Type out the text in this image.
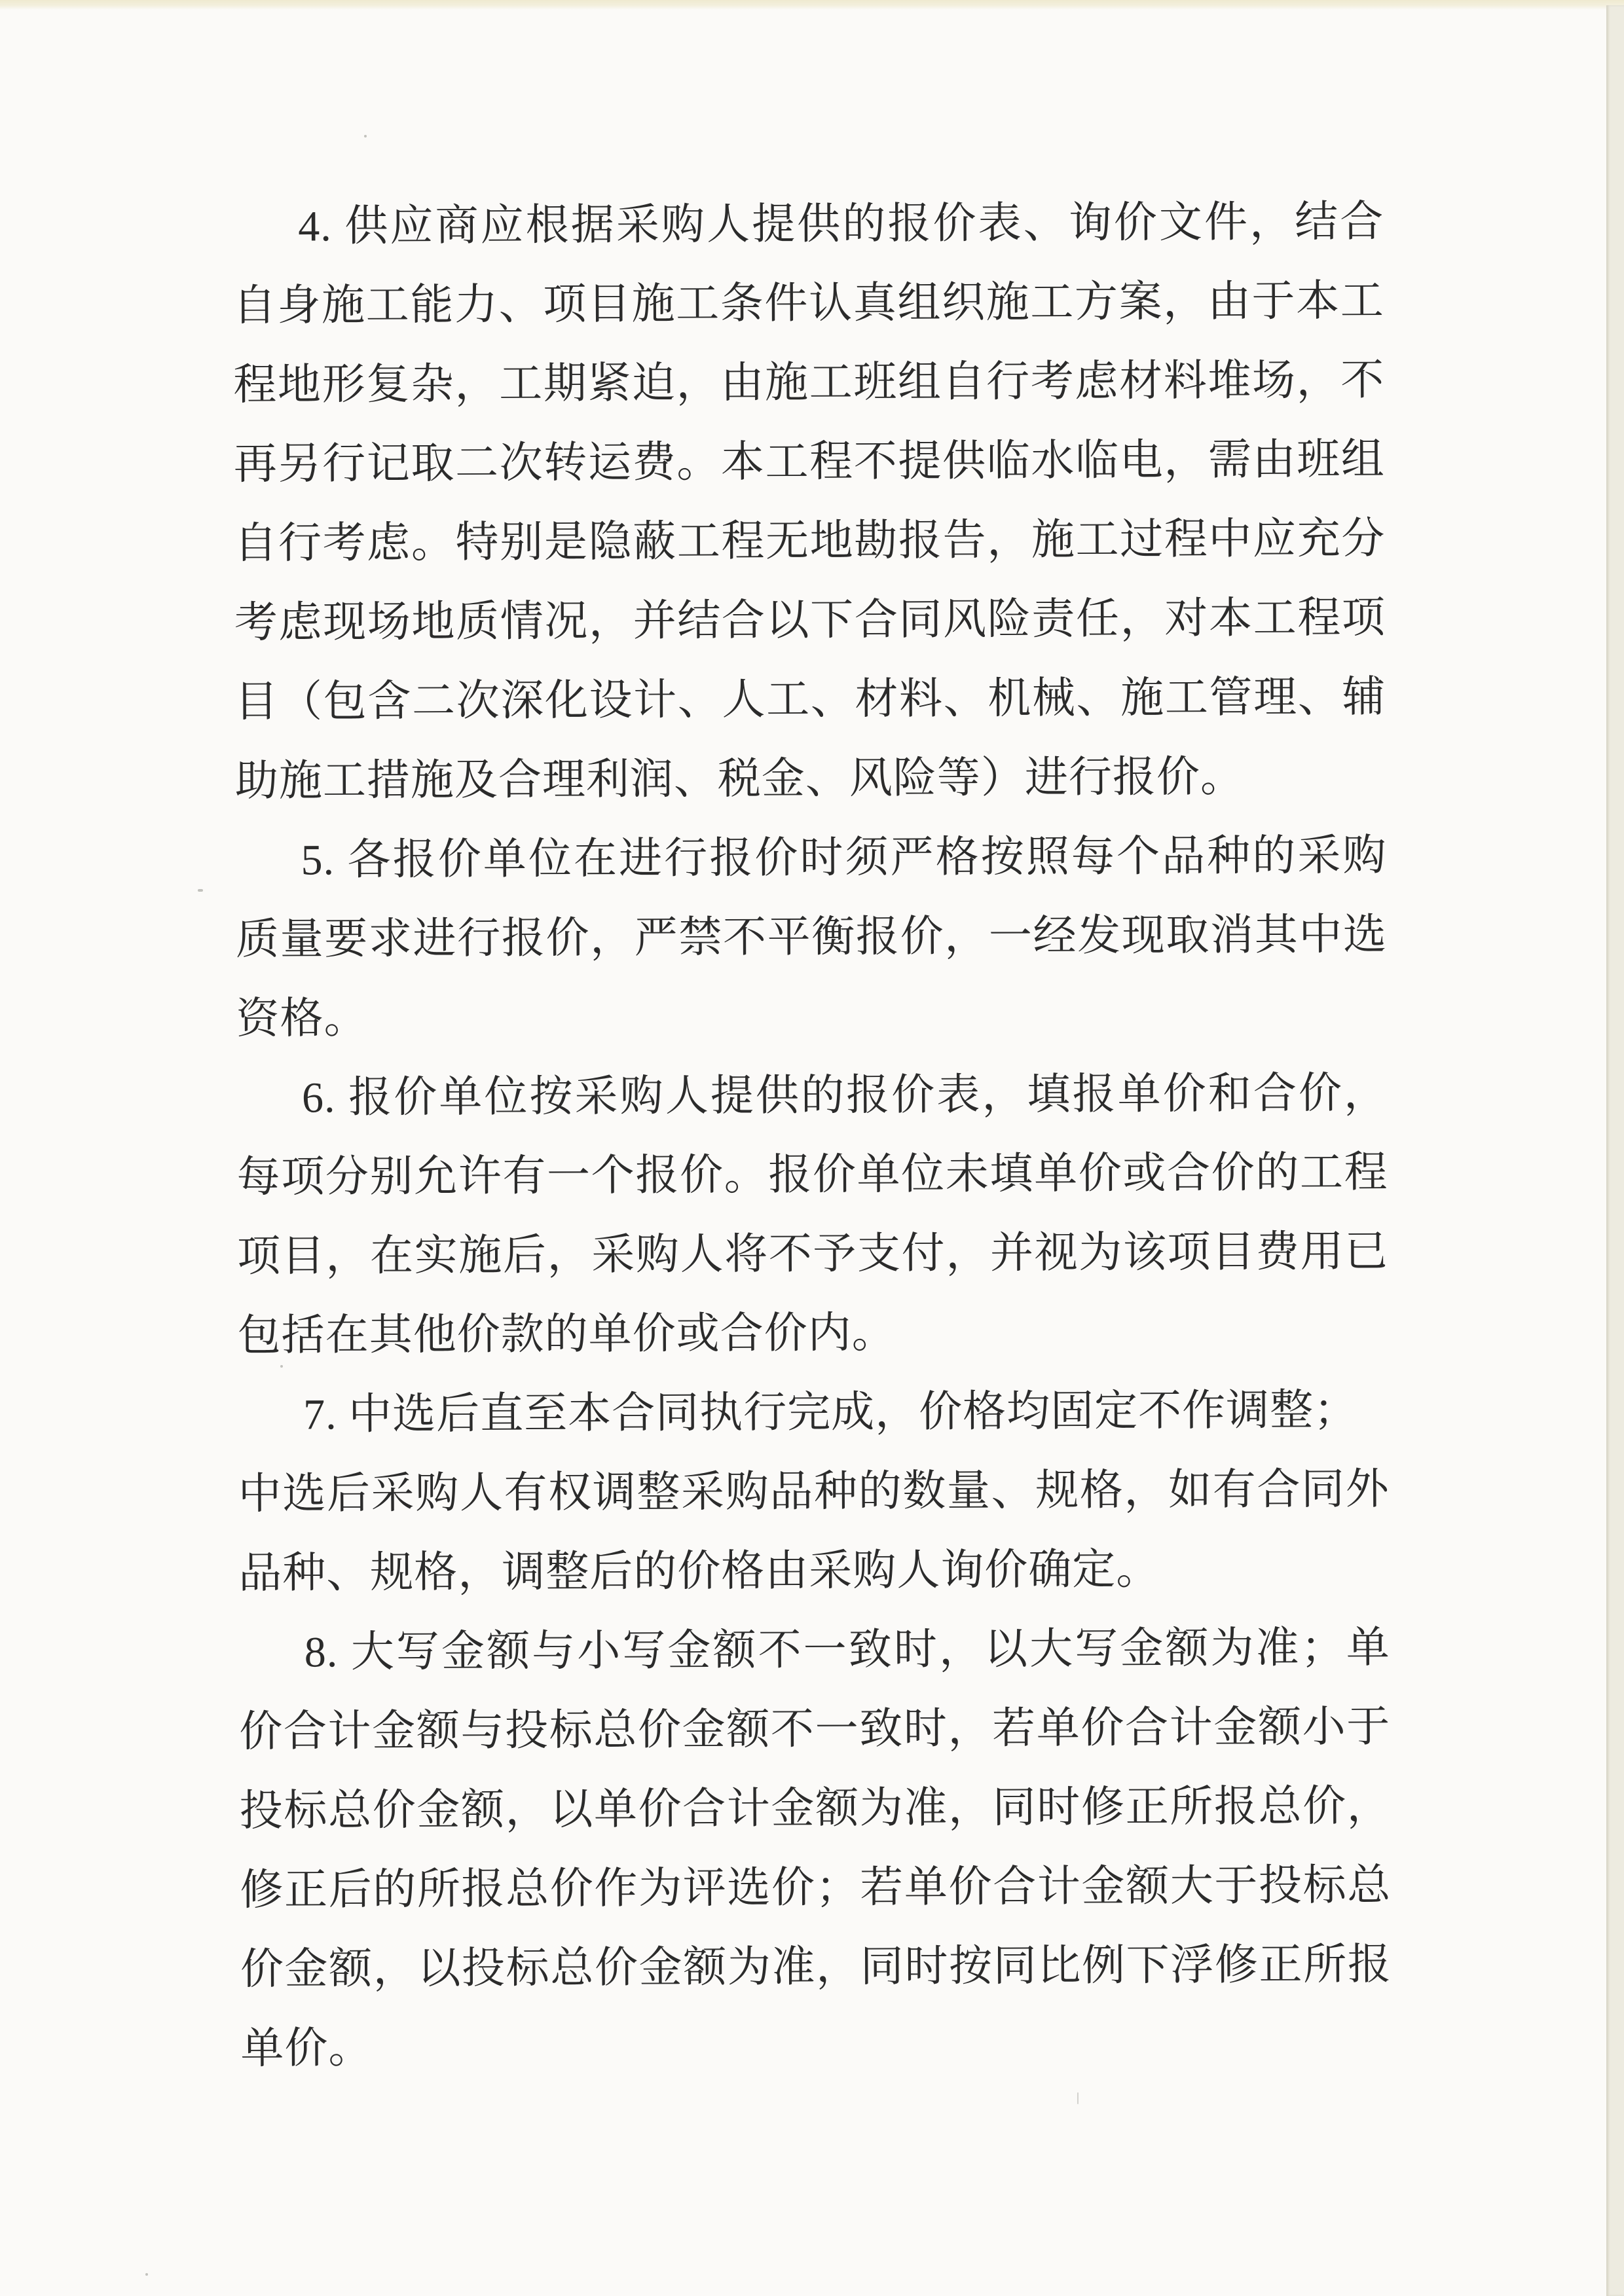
4. 供应商应根据采购人提供的报价表、询价文件，结合
自身施工能力、项目施工条件认真组织施工方案，由于本工
程地形复杂，工期紧迫，由施工班组自行考虑材料堆场，不
再另行记取二次转运费。本工程不提供临水临电，需由班组
自行考虑。特别是隐蔽工程无地勘报告，施工过程中应充分
考虑现场地质情况，并结合以下合同风险责任，对本工程项
目（包含二次深化设计、人工、材料、机械、施工管理、辅
助施工措施及合理利润、税金、风险等）进行报价。
5. 各报价单位在进行报价时须严格按照每个品种的采购
质量要求进行报价，严禁不平衡报价，一经发现取消其中选
资格。
6. 报价单位按采购人提供的报价表，填报单价和合价，
每项分别允许有一个报价。报价单位未填单价或合价的工程
项目，在实施后，采购人将不予支付，并视为该项目费用已
包括在其他价款的单价或合价内。
7. 中选后直至本合同执行完成，价格均固定不作调整；
中选后采购人有权调整采购品种的数量、规格，如有合同外
品种、规格，调整后的价格由采购人询价确定。
8. 大写金额与小写金额不一致时，以大写金额为准；单
价合计金额与投标总价金额不一致时，若单价合计金额小于
投标总价金额，以单价合计金额为准，同时修正所报总价，
修正后的所报总价作为评选价；若单价合计金额大于投标总
价金额，以投标总价金额为准，同时按同比例下浮修正所报
单价。
